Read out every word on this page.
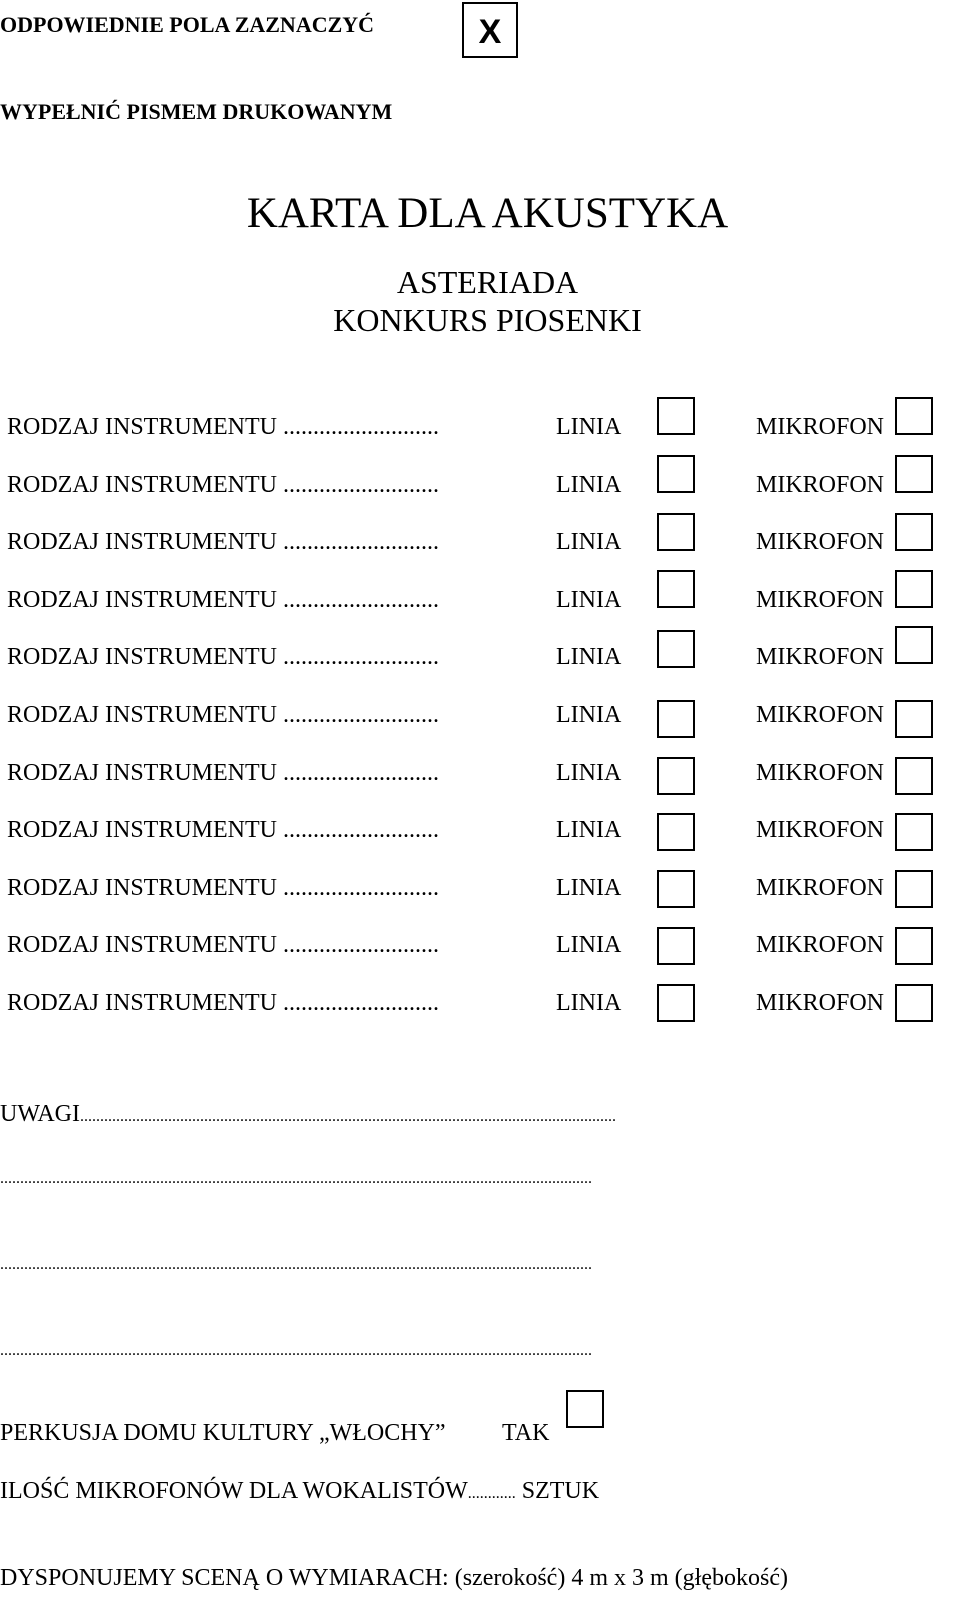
ODPOWIEDNIE POLA ZAZNACZYĆ	X
WYPEŁNIĆ PISMEM DRUKOWANYM
KARTA DLA AKUSTYKA
ASTERIADA
KONKURS PIOSENKI
RODZAJ INSTRUMENTU ..........................	LINIA	MIKROFON
RODZAJ INSTRUMENTU ..........................	LINIA	MIKROFON
RODZAJ INSTRUMENTU ..........................	LINIA	MIKROFON
RODZAJ INSTRUMENTU ..........................	LINIA	MIKROFON
RODZAJ INSTRUMENTU ..........................	LINIA	MIKROFON
RODZAJ INSTRUMENTU ..........................	LINIA	MIKROFON
RODZAJ INSTRUMENTU ..........................	LINIA	MIKROFON
RODZAJ INSTRUMENTU ..........................	LINIA	MIKROFON
RODZAJ INSTRUMENTU ..........................	LINIA	MIKROFON
RODZAJ INSTRUMENTU ..........................	LINIA	MIKROFON
RODZAJ INSTRUMENTU ..........................	LINIA	MIKROFON
UWAGI......................................................................................................................................
....................................................................................................................................................
....................................................................................................................................................
....................................................................................................................................................
PERKUSJA DOMU KULTURY „WŁOCHY” TAK
ILOŚĆ MIKROFONÓW DLA WOKALISTÓW............ SZTUK
DYSPONUJEMY SCENĄ O WYMIARACH: (szerokość) 4 m x 3 m (głębokość)
